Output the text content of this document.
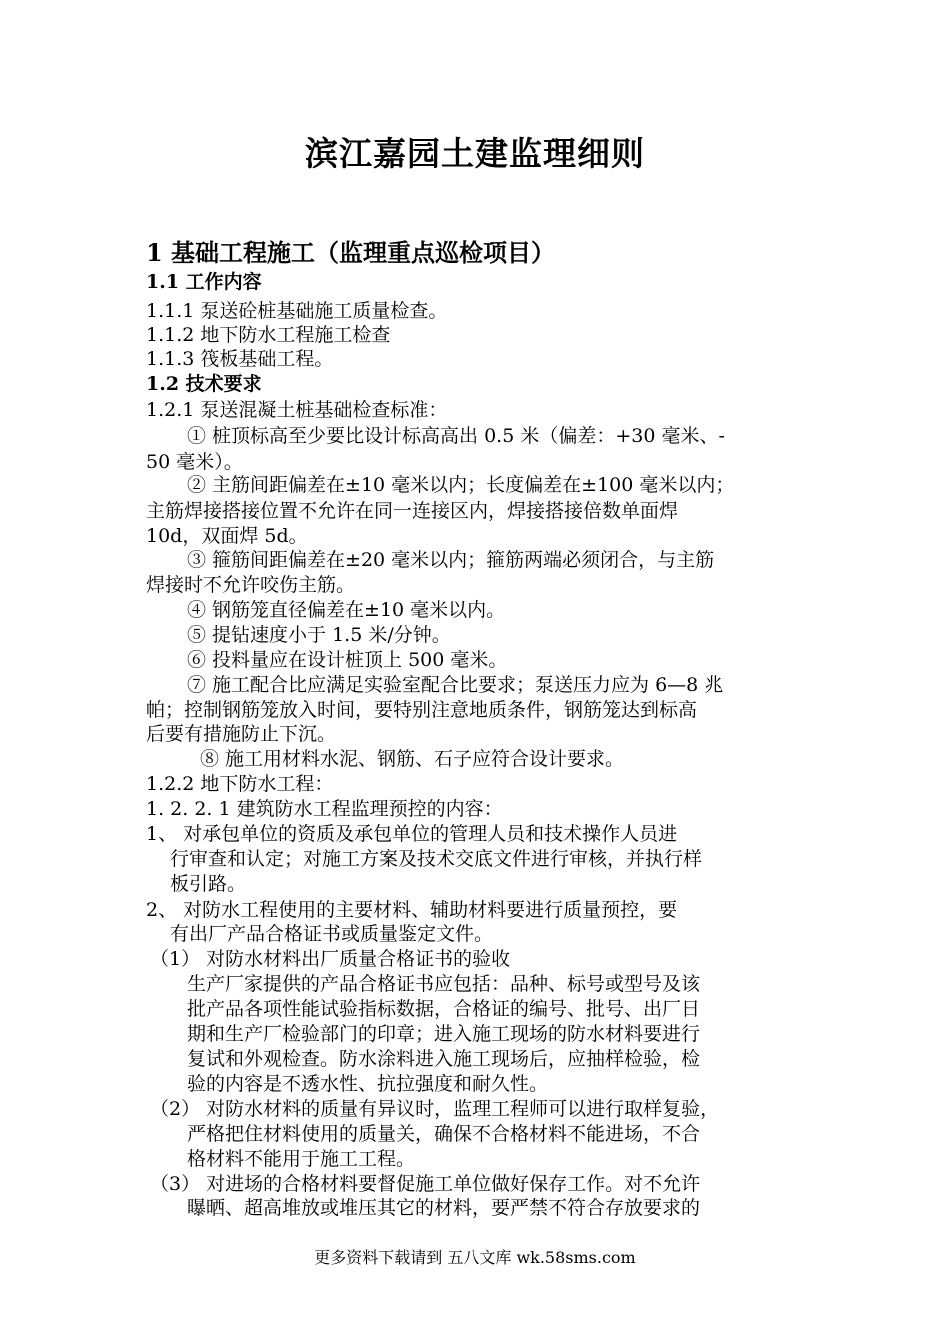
滨江嘉园土建监理细则
1 基础工程施工（监理重点巡检项目）
1.1 工作内容
1.1.1 泵送砼桩基础施工质量检查。
1.1.2 地下防水工程施工检查
1.1.3 筏板基础工程。
1.2 技术要求
1.2.1 泵送混凝土桩基础检查标准：
① 桩顶标高至少要比设计标高高出 0.5 米（偏差：+30 毫米、-
50 毫米）。
② 主筋间距偏差在±10 毫米以内；长度偏差在±100 毫米以内；
主筋焊接搭接位置不允许在同一连接区内，焊接搭接倍数单面焊
10d，双面焊 5d。
③ 箍筋间距偏差在±20 毫米以内；箍筋两端必须闭合，与主筋
焊接时不允许咬伤主筋。
④ 钢筋笼直径偏差在±10 毫米以内。
⑤ 提钻速度小于 1.5 米/分钟。
⑥ 投料量应在设计桩顶上 500 毫米。
⑦ 施工配合比应满足实验室配合比要求；泵送压力应为 6—8 兆
帕；控制钢筋笼放入时间，要特别注意地质条件，钢筋笼达到标高
后要有措施防止下沉。
⑧ 施工用材料水泥、钢筋、石子应符合设计要求。
1.2.2 地下防水工程：
1. 2. 2. 1 建筑防水工程监理预控的内容：
1、 对承包单位的资质及承包单位的管理人员和技术操作人员进
行审查和认定；对施工方案及技术交底文件进行审核，并执行样
板引路。
2、 对防水工程使用的主要材料、辅助材料要进行质量预控，要
有出厂产品合格证书或质量鉴定文件。
（1） 对防水材料出厂质量合格证书的验收
生产厂家提供的产品合格证书应包括：品种、标号或型号及该
批产品各项性能试验指标数据，合格证的编号、批号、出厂日
期和生产厂检验部门的印章；进入施工现场的防水材料要进行
复试和外观检查。防水涂料进入施工现场后，应抽样检验，检
验的内容是不透水性、抗拉强度和耐久性。
（2） 对防水材料的质量有异议时，监理工程师可以进行取样复验，
严格把住材料使用的质量关，确保不合格材料不能进场，不合
格材料不能用于施工工程。
（3） 对进场的合格材料要督促施工单位做好保存工作。对不允许
曝晒、超高堆放或堆压其它的材料，要严禁不符合存放要求的
更多资料下载请到 五八文库 wk.58sms.com
